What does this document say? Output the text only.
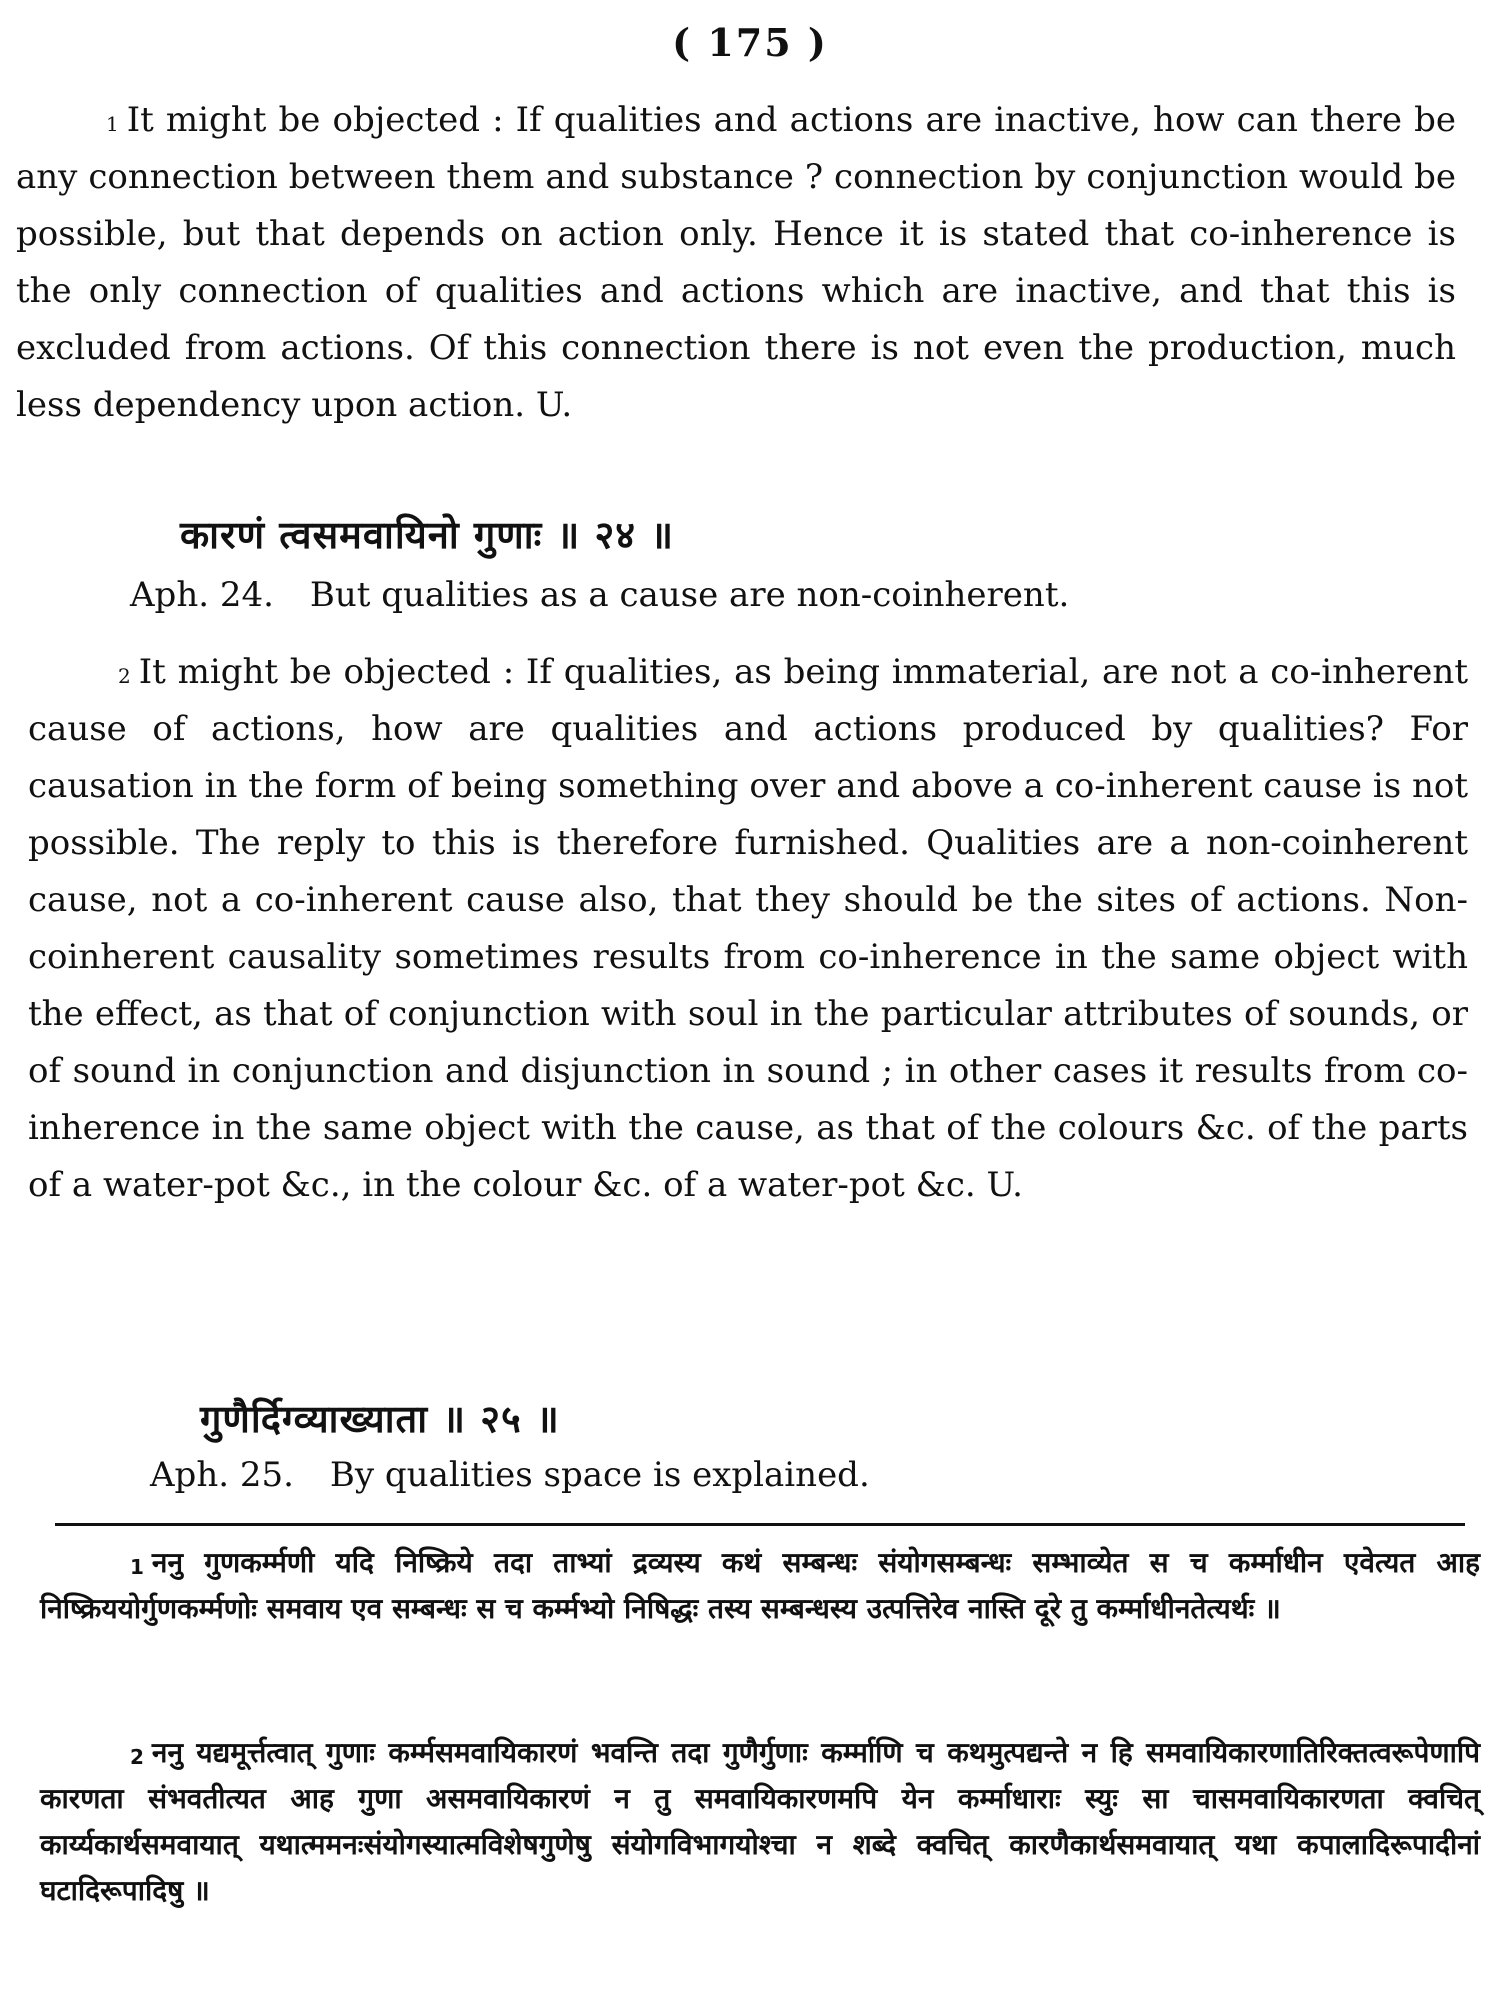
( 175 )

$^1$ It might be objected : If qualities and actions are inactive, how can there be any connection between them and substance ? connection by conjunction would be possible, but that depends on action only. Hence it is stated that co-inherence is the only connection of qualities and actions which are inactive, and that this is excluded from actions. Of this connection there is not even the production, much less dependency upon action. U.

कारणं त्वसमवायिनो गुणाः ॥ २४ ॥
Aph. 24. But qualities as a cause are non-coinherent.

$^2$ It might be objected : If qualities, as being immaterial, are not a co-inherent cause of actions, how are qualities and actions produced by qualities? For causation in the form of being something over and above a co-inherent cause is not possible. The reply to this is therefore furnished. Qualities are a non-coinherent cause, not a co-inherent cause also, that they should be the sites of actions. Non-coinherent causality sometimes results from co-inherence in the same object with the effect, as that of conjunction with soul in the particular attributes of sounds, or of sound in conjunction and disjunction in sound ; in other cases it results from co-inherence in the same object with the cause, as that of the colours &c. of the parts of a water-pot &c., in the colour &c. of a water-pot &c. U.

गुणैर्दिग्व्याख्याता ॥ २५ ॥
Aph. 25. By qualities space is explained.

$^1$ ननु गुणकर्म्मणी यदि निष्क्रिये तदा ताभ्यां द्रव्यस्य कथं सम्बन्धः संयोगसम्बन्धः सम्भाव्येत स च कर्म्माधीन एवेत्यत आह निष्क्रिययोर्गुणकर्म्मणोः समवाय एव सम्बन्धः स च कर्म्मभ्यो निषिद्धः तस्य सम्बन्धस्य उत्पत्तिरेव नास्ति दूरे तु कर्म्माधीनतेत्यर्थः ॥

$^2$ ननु यद्यमूर्त्तत्वात् गुणाः कर्म्मसमवायिकारणं भवन्ति तदा गुणैर्गुणाः कर्म्माणि च कथमुत्पद्यन्ते न हि समवायिकारणातिरिक्तत्वरूपेणापि कारणता संभवतीत्यत आह गुणा असमवायिकारणं न तु समवायिकारणमपि येन कर्म्माधाराः स्युः सा चासमवायिकारणता क्वचित् कार्य्यकार्थसमवायात् यथात्ममनःसंयोगस्यात्मविशेषगुणेषु संयोगविभागयोश्चा न शब्दे क्वचित् कारणैकार्थसमवायात् यथा कपालादिरूपादीनां घटादिरूपादिषु ॥
